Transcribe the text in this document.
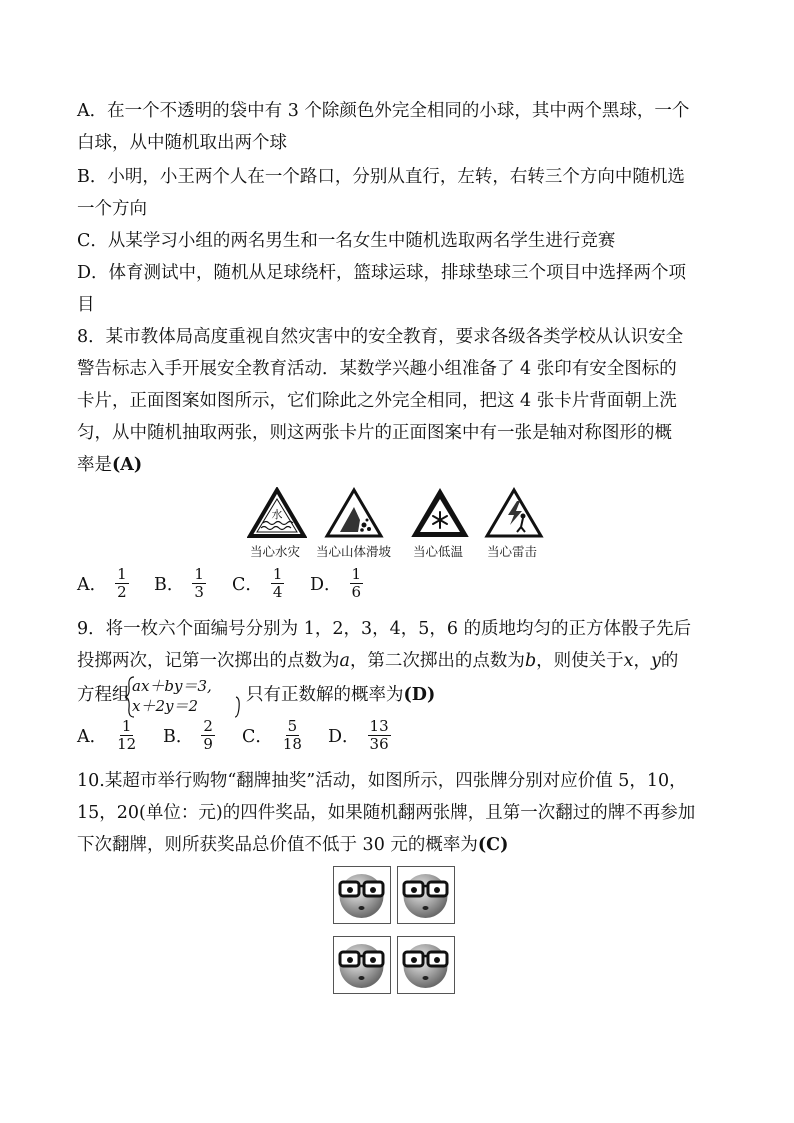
A．在一个不透明的袋中有 3 个除颜色外完全相同的小球，其中两个黑球，一个
白球，从中随机取出两个球
B．小明，小王两个人在一个路口，分别从直行，左转，右转三个方向中随机选
一个方向
C．从某学习小组的两名男生和一名女生中随机选取两名学生进行竞赛
D．体育测试中，随机从足球绕杆，篮球运球，排球垫球三个项目中选择两个项
目
8．某市教体局高度重视自然灾害中的安全教育，要求各级各类学校从认识安全
警告标志入手开展安全教育活动．某数学兴趣小组准备了 4 张印有安全图标的
卡片，正面图案如图所示，它们除此之外完全相同，把这 4 张卡片背面朝上洗
匀，从中随机抽取两张，则这两张卡片的正面图案中有一张是轴对称图形的概
率是(A)
水
当心水灾 当心山体滑坡 当心低温 当心雷击
A． $\frac{1}{2}$ B． $\frac{1}{3}$ C． $\frac{1}{4}$ D． $\frac{1}{6}$
9．将一枚六个面编号分别为 1，2，3，4，5，6 的质地均匀的正方体骰子先后
投掷两次，记第一次掷出的点数为a，第二次掷出的点数为b，则使关于x，y的
方程组 ax＋by＝3,
x＋2y＝2
只有正数解的概率为(D)
A． $\frac{1}{12}$ B． $\frac{2}{9}$ C． $\frac{5}{18}$ D． $\frac{13}{36}$
10.某超市举行购物“翻牌抽奖”活动，如图所示，四张牌分别对应价值 5，10，
15，20(单位：元)的四件奖品，如果随机翻两张牌，且第一次翻过的牌不再参加
下次翻牌，则所获奖品总价值不低于 30 元的概率为(C)
